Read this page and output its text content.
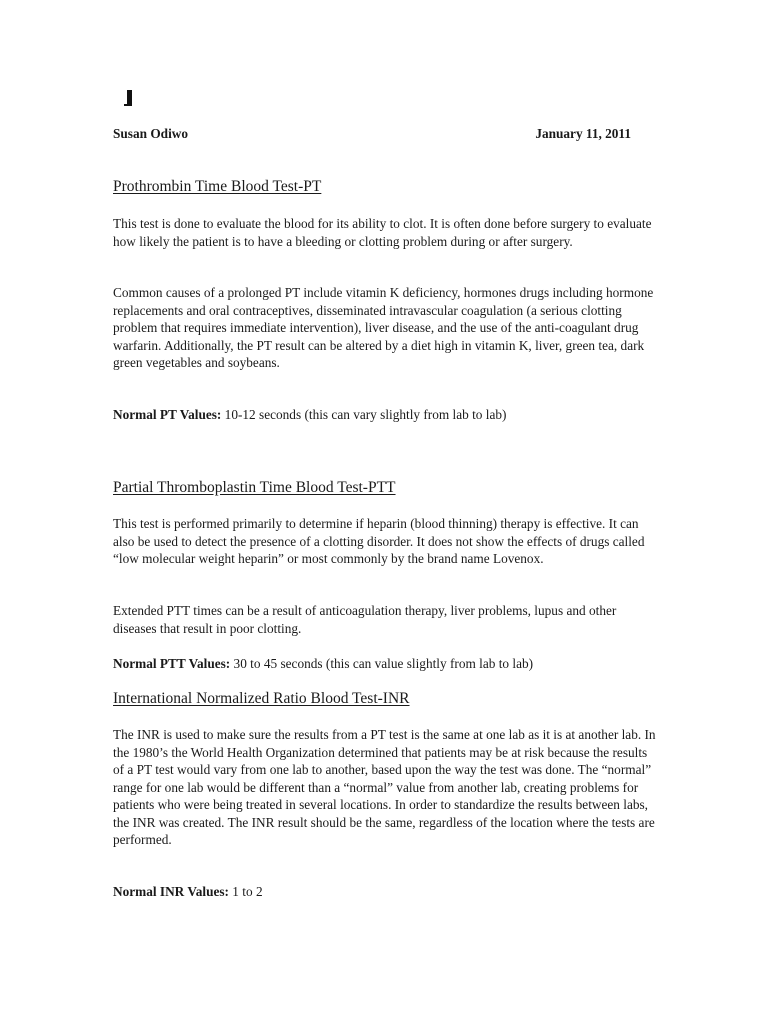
Susan Odiwo	January 11, 2011
Prothrombin Time Blood Test-PT

This test is done to evaluate the blood for its ability to clot. It is often done before surgery to evaluate how likely the patient is to have a bleeding or clotting problem during or after surgery.

Common causes of a prolonged PT include vitamin K deficiency, hormones drugs including hormone replacements and oral contraceptives, disseminated intravascular coagulation (a serious clotting problem that requires immediate intervention), liver disease, and the use of the anti-coagulant drug warfarin. Additionally, the PT result can be altered by a diet high in vitamin K, liver, green tea, dark green vegetables and soybeans.

Normal PT Values: 10-12 seconds (this can vary slightly from lab to lab)
Partial Thromboplastin Time Blood Test-PTT

This test is performed primarily to determine if heparin (blood thinning) therapy is effective. It can also be used to detect the presence of a clotting disorder. It does not show the effects of drugs called “low molecular weight heparin” or most commonly by the brand name Lovenox.

Extended PTT times can be a result of anticoagulation therapy, liver problems, lupus and other diseases that result in poor clotting.

Normal PTT Values: 30 to 45 seconds (this can value slightly from lab to lab)
International Normalized Ratio Blood Test-INR

The INR is used to make sure the results from a PT test is the same at one lab as it is at another lab. In the 1980’s the World Health Organization determined that patients may be at risk because the results of a PT test would vary from one lab to another, based upon the way the test was done. The “normal” range for one lab would be different than a “normal” value from another lab, creating problems for patients who were being treated in several locations. In order to standardize the results between labs, the INR was created. The INR result should be the same, regardless of the location where the tests are performed.

Normal INR Values: 1 to 2
